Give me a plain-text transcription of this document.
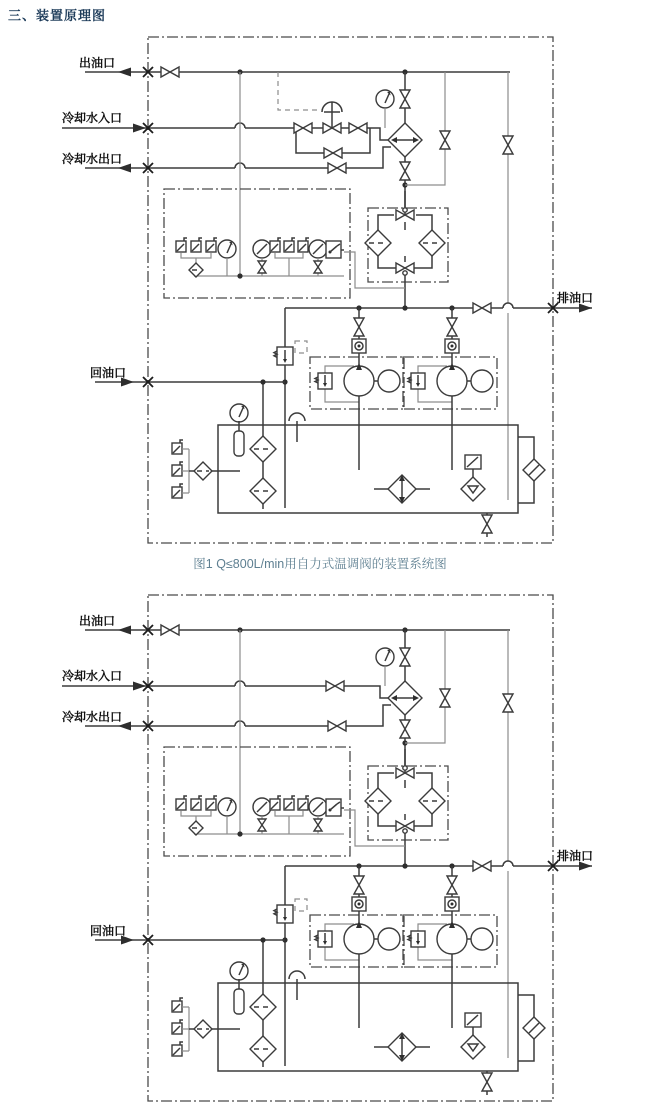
三、装置原理图
出油口
冷却水入口
冷却水出口
回油口
排油口
图1 Q≤800L/min用自力式温调阀的装置系统图
出油口
冷却水入口
冷却水出口
回油口
排油口
